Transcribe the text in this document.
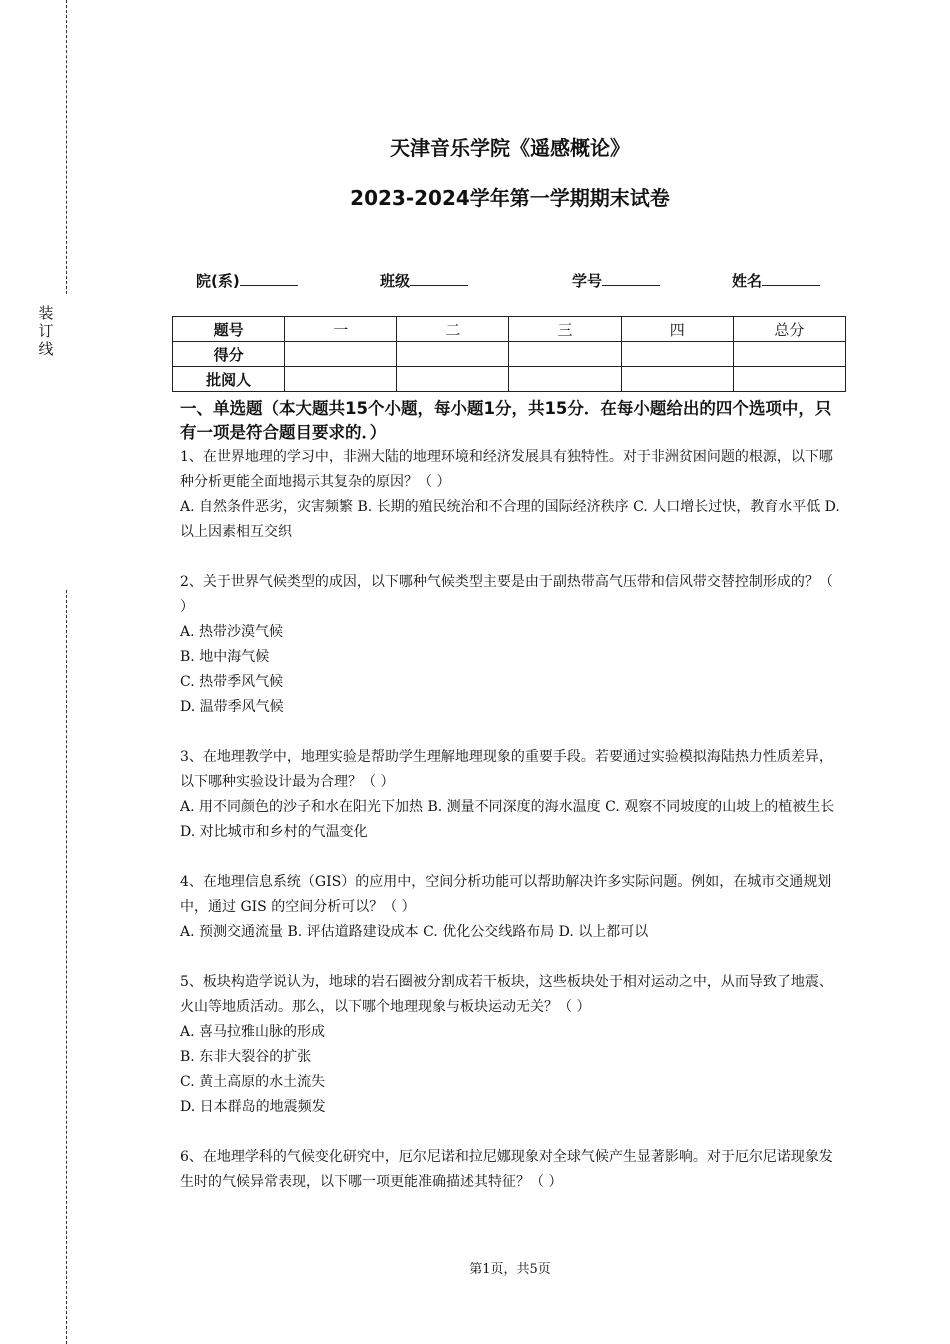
装
订
线
天津音乐学院《遥感概论》
2023-2024学年第一学期期末试卷
院(系)	班级	学号	姓名
题号	一	二	三	四	总分
得分					
批阅人					

一、单选题（本大题共15个小题，每小题1分，共15分．在每小题给出的四个选项中，只有一项是符合题目要求的．）

1、在世界地理的学习中，非洲大陆的地理环境和经济发展具有独特性。对于非洲贫困问题的根源，以下哪种分析更能全面地揭示其复杂的原因？（ ）

A. 自然条件恶劣，灾害频繁 B. 长期的殖民统治和不合理的国际经济秩序 C. 人口增长过快，教育水平低 D. 以上因素相互交织

2、关于世界气候类型的成因，以下哪种气候类型主要是由于副热带高气压带和信风带交替控制形成的？（ ）

A. 热带沙漠气候

B. 地中海气候

C. 热带季风气候

D. 温带季风气候

3、在地理教学中，地理实验是帮助学生理解地理现象的重要手段。若要通过实验模拟海陆热力性质差异，以下哪种实验设计最为合理？（ ）

A. 用不同颜色的沙子和水在阳光下加热 B. 测量不同深度的海水温度 C. 观察不同坡度的山坡上的植被生长 D. 对比城市和乡村的气温变化

4、在地理信息系统（GIS）的应用中，空间分析功能可以帮助解决许多实际问题。例如，在城市交通规划中，通过 GIS 的空间分析可以？（ ）

A. 预测交通流量 B. 评估道路建设成本 C. 优化公交线路布局 D. 以上都可以

5、板块构造学说认为，地球的岩石圈被分割成若干板块，这些板块处于相对运动之中，从而导致了地震、火山等地质活动。那么，以下哪个地理现象与板块运动无关？（ ）

A. 喜马拉雅山脉的形成

B. 东非大裂谷的扩张

C. 黄土高原的水土流失

D. 日本群岛的地震频发

6、在地理学科的气候变化研究中，厄尔尼诺和拉尼娜现象对全球气候产生显著影响。对于厄尔尼诺现象发生时的气候异常表现，以下哪一项更能准确描述其特征？（ ）

第1页，共5页
